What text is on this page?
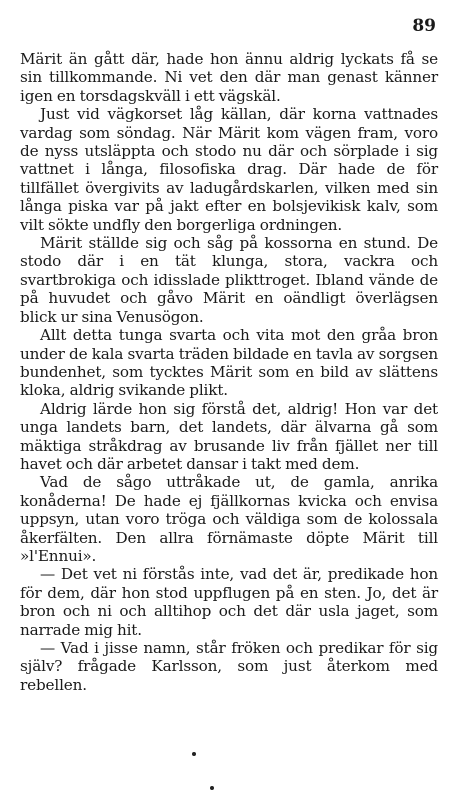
89

Märit än gått där, hade hon ännu aldrig lyckats få se sin tillkommande. Ni vet den där man genast känner igen en torsdagskväll i ett vägskäl.

Just vid vägkorset låg källan, där korna vattnades vardag som söndag. När Märit kom vägen fram, voro de nyss utsläppta och stodo nu där och sörplade i sig vattnet i långa, filosofiska drag. Där hade de för tillfället övergivits av ladugårdskarlen, vilken med sin långa piska var på jakt efter en bolsjevikisk kalv, som vilt sökte undfly den borgerliga ordningen.

Märit ställde sig och såg på kossorna en stund. De stodo där i en tät klunga, stora, vackra och svartbrokiga och idisslade plikttroget. Ibland vände de på huvudet och gåvo Märit en oändligt överlägsen blick ur sina Venusögon.

Allt detta tunga svarta och vita mot den gråa bron under de kala svarta träden bildade en tavla av sorgsen bundenhet, som tycktes Märit som en bild av slättens kloka, aldrig svikande plikt.

Aldrig lärde hon sig förstå det, aldrig! Hon var det unga landets barn, det landets, där älvarna gå som mäktiga stråkdrag av brusande liv från fjället ner till havet och där arbetet dansar i takt med dem.

Vad de sågo uttråkade ut, de gamla, anrika konåderna! De hade ej fjällkornas kvicka och envisa uppsyn, utan voro tröga och väldiga som de kolossala åkerfälten. Den allra förnämaste döpte Märit till »l'Ennui».

— Det vet ni förstås inte, vad det är, predikade hon för dem, där hon stod uppflugen på en sten. Jo, det är bron och ni och alltihop och det där usla jaget, som narrade mig hit.

— Vad i jisse namn, står fröken och predikar för sig själv? frågade Karlsson, som just återkom med rebellen.
